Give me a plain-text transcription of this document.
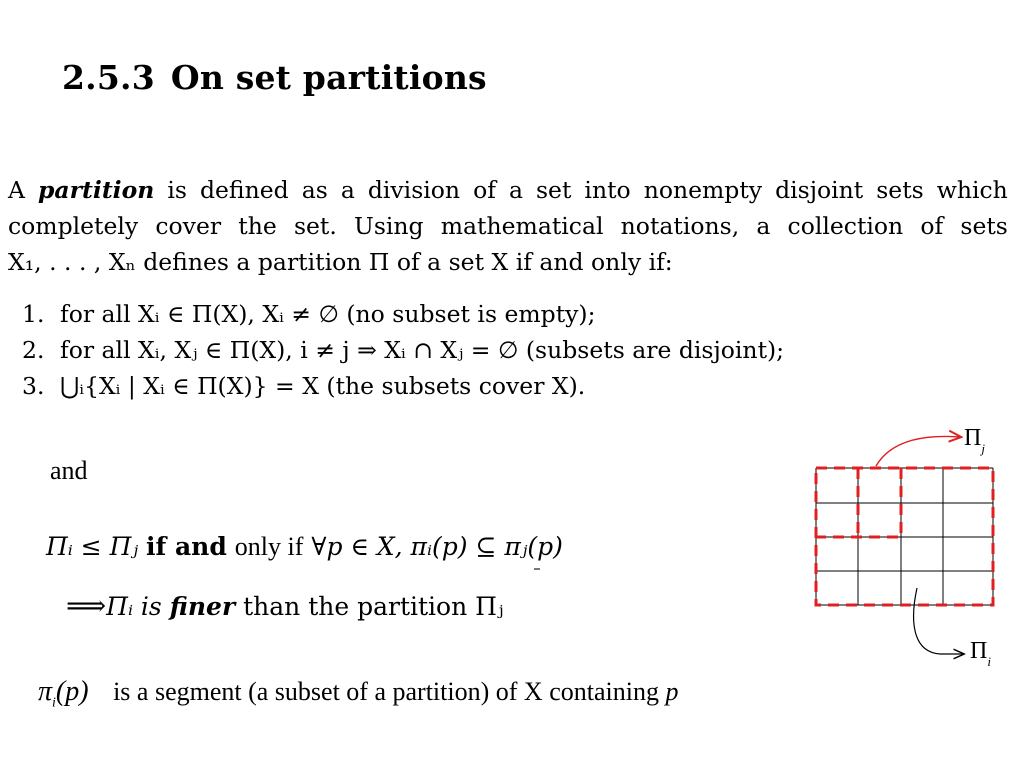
2.5.3 On set partitions
A partition is defined as a division of a set into nonempty disjoint sets which
completely cover the set. Using mathematical notations, a collection of sets
X₁, . . . , Xₙ defines a partition Π of a set X if and only if:
1. for all Xᵢ ∈ Π(X), Xᵢ ≠ ∅ (no subset is empty);
2. for all Xᵢ, Xⱼ ∈ Π(X), i ≠ j ⇒ Xᵢ ∩ Xⱼ = ∅ (subsets are disjoint);
3. ⋃ᵢ{Xᵢ | Xᵢ ∈ Π(X)} = X (the subsets cover X).
and
Πᵢ ≤ Πⱼ if and only if ∀p ∈ X, πᵢ(p) ⊆ πⱼ(p)
⟹ Πᵢ is finer than the partition Πⱼ
$\pi_i(p)$ is a segment (a subset of a partition) of X containing p
$\Pi_j$
$\Pi_i$
